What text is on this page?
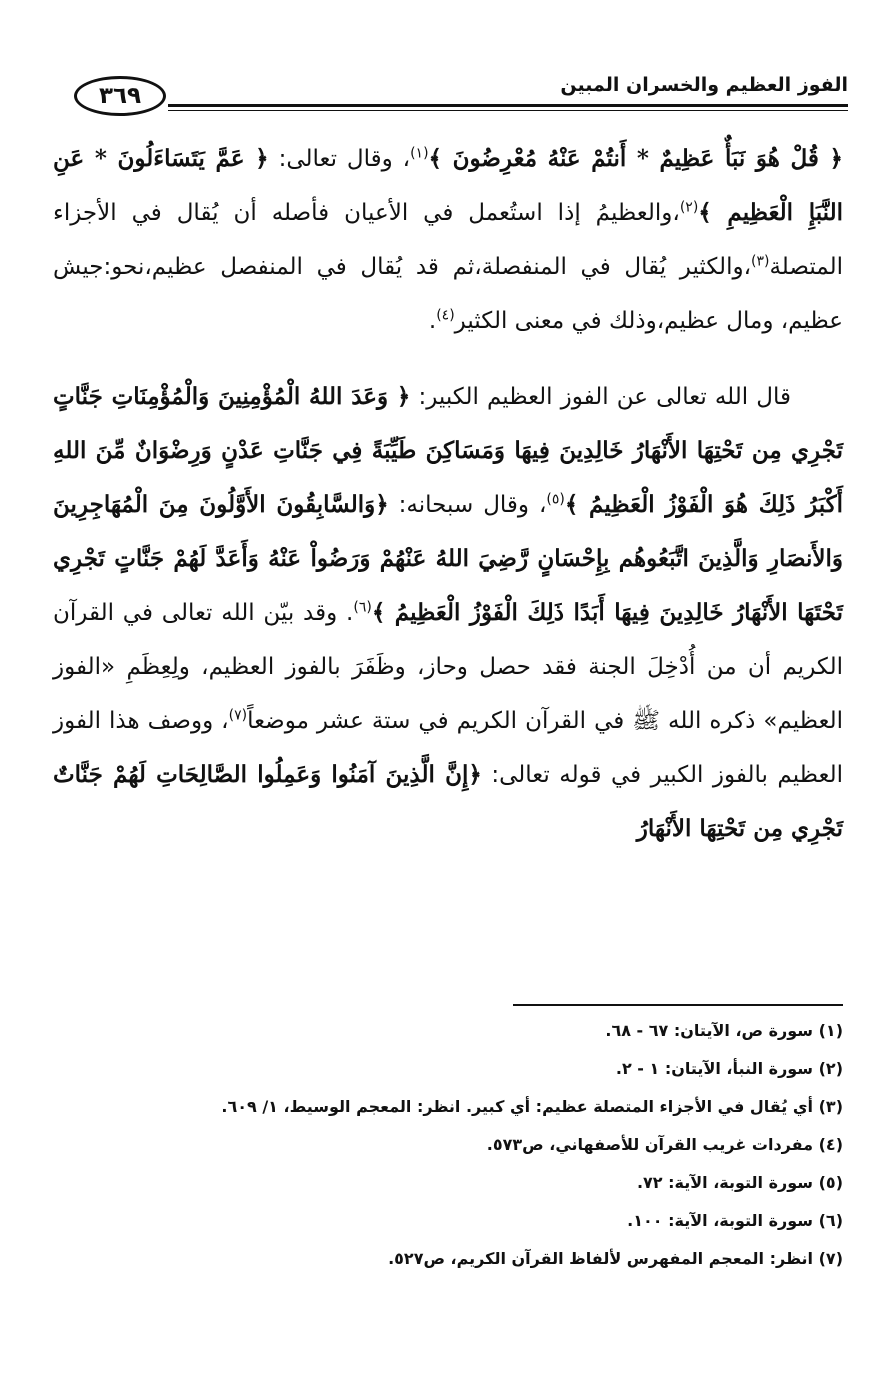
الفوز العظيم والخسران المبين
٣٦٩

﴿ قُلْ هُوَ نَبَأٌ عَظِيمٌ * أَنتُمْ عَنْهُ مُعْرِضُونَ ﴾$^{(١)}$، وقال تعالى: ﴿ عَمَّ يَتَسَاءَلُونَ * عَنِ النَّبَإِ الْعَظِيمِ ﴾$^{(٢)}$،والعظيمُ إذا استُعمل في الأعيان فأصله أن يُقال في الأجزاء المتصلة$^{(٣)}$،والكثير يُقال في المنفصلة،ثم قد يُقال في المنفصل عظيم،نحو:جيش عظيم، ومال عظيم،وذلك في معنى الكثير$^{(٤)}$.

قال الله تعالى عن الفوز العظيم الكبير: ﴿ وَعَدَ اللهُ الْمُؤْمِنِينَ وَالْمُؤْمِنَاتِ جَنَّاتٍ تَجْرِي مِن تَحْتِهَا الأَنْهَارُ خَالِدِينَ فِيهَا وَمَسَاكِنَ طَيِّبَةً فِي جَنَّاتِ عَدْنٍ وَرِضْوَانٌ مِّنَ اللهِ أَكْبَرُ ذَلِكَ هُوَ الْفَوْزُ الْعَظِيمُ ﴾$^{(٥)}$، وقال سبحانه: ﴿وَالسَّابِقُونَ الأَوَّلُونَ مِنَ الْمُهَاجِرِينَ وَالأَنصَارِ وَالَّذِينَ اتَّبَعُوهُم بِإِحْسَانٍ رَّضِيَ اللهُ عَنْهُمْ وَرَضُواْ عَنْهُ وَأَعَدَّ لَهُمْ جَنَّاتٍ تَجْرِي تَحْتَهَا الأَنْهَارُ خَالِدِينَ فِيهَا أَبَدًا ذَلِكَ الْفَوْزُ الْعَظِيمُ ﴾$^{(٦)}$. وقد بيّن الله تعالى في القرآن الكريم أن من أُدْخِلَ الجنة فقد حصل وحاز، وظَفَرَ بالفوز العظيم، ولِعِظَمِ «الفوز العظيم» ذكره الله ﷺ في القرآن الكريم في ستة عشر موضعاً$^{(٧)}$، ووصف هذا الفوز العظيم بالفوز الكبير في قوله تعالى: ﴿إِنَّ الَّذِينَ آمَنُوا وَعَمِلُوا الصَّالِحَاتِ لَهُمْ جَنَّاتٌ تَجْرِي مِن تَحْتِهَا الأَنْهَارُ

(١) سورة ص، الآيتان: ٦٧ - ٦٨.
(٢) سورة النبأ، الآيتان: ١ - ٢.
(٣) أي يُقال في الأجزاء المتصلة عظيم: أي كبير. انظر: المعجم الوسيط، ١/ ٦٠٩.
(٤) مفردات غريب القرآن للأصفهاني، ص٥٧٣.
(٥) سورة التوبة، الآية: ٧٢.
(٦) سورة التوبة، الآية: ١٠٠.
(٧) انظر: المعجم المفهرس لألفاظ القرآن الكريم، ص٥٢٧.
